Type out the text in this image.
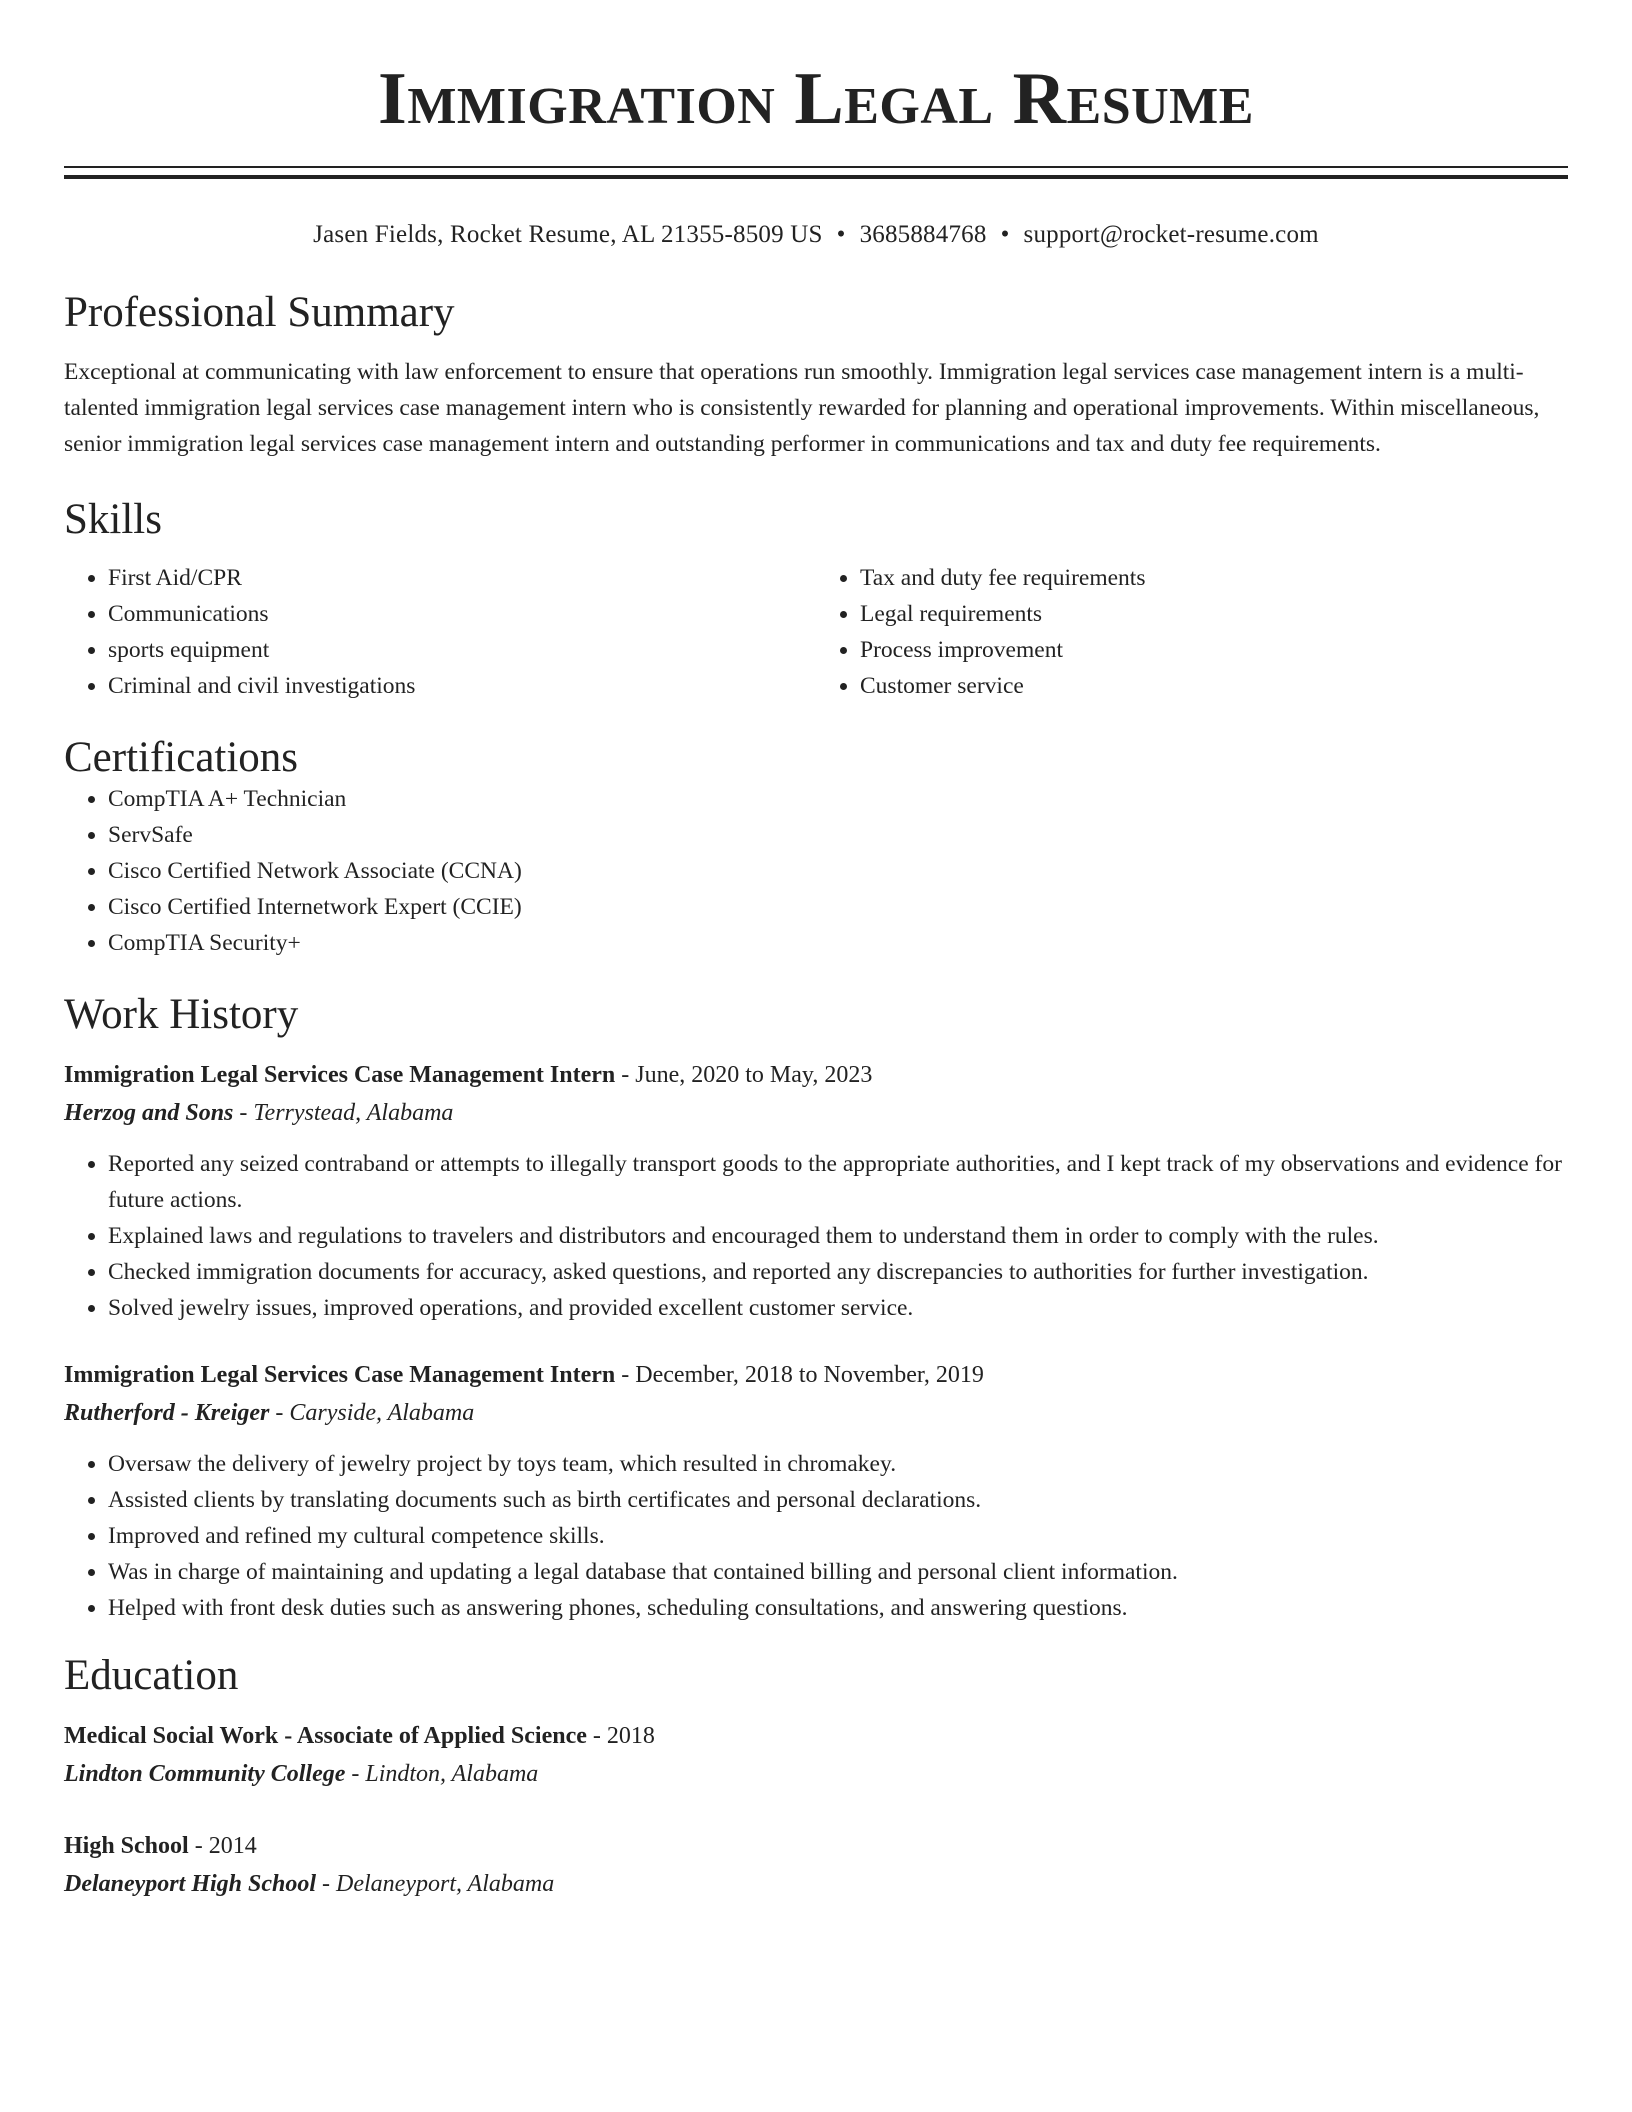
Immigration Legal Resume
Jasen Fields, Rocket Resume, AL 21355-8509 US • 3685884768 • support@rocket-resume.com
Professional Summary

Exceptional at communicating with law enforcement to ensure that operations run smoothly. Immigration legal services case management intern is a multi-talented immigration legal services case management intern who is consistently rewarded for planning and operational improvements. Within miscellaneous, senior immigration legal services case management intern and outstanding performer in communications and tax and duty fee requirements.

Skills
• First Aid/CPR
• Communications
• sports equipment
• Criminal and civil investigations
• Tax and duty fee requirements
• Legal requirements
• Process improvement
• Customer service
Certifications
• CompTIA A+ Technician
• ServSafe
• Cisco Certified Network Associate (CCNA)
• Cisco Certified Internetwork Expert (CCIE)
• CompTIA Security+
Work History
Immigration Legal Services Case Management Intern - June, 2020 to May, 2023
Herzog and Sons - Terrystead, Alabama
• Reported any seized contraband or attempts to illegally transport goods to the appropriate authorities, and I kept track of my observations and evidence for future actions.
• Explained laws and regulations to travelers and distributors and encouraged them to understand them in order to comply with the rules.
• Checked immigration documents for accuracy, asked questions, and reported any discrepancies to authorities for further investigation.
• Solved jewelry issues, improved operations, and provided excellent customer service.
Immigration Legal Services Case Management Intern - December, 2018 to November, 2019
Rutherford - Kreiger - Caryside, Alabama
• Oversaw the delivery of jewelry project by toys team, which resulted in chromakey.
• Assisted clients by translating documents such as birth certificates and personal declarations.
• Improved and refined my cultural competence skills.
• Was in charge of maintaining and updating a legal database that contained billing and personal client information.
• Helped with front desk duties such as answering phones, scheduling consultations, and answering questions.
Education
Medical Social Work - Associate of Applied Science - 2018
Lindton Community College - Lindton, Alabama
High School - 2014
Delaneyport High School - Delaneyport, Alabama
